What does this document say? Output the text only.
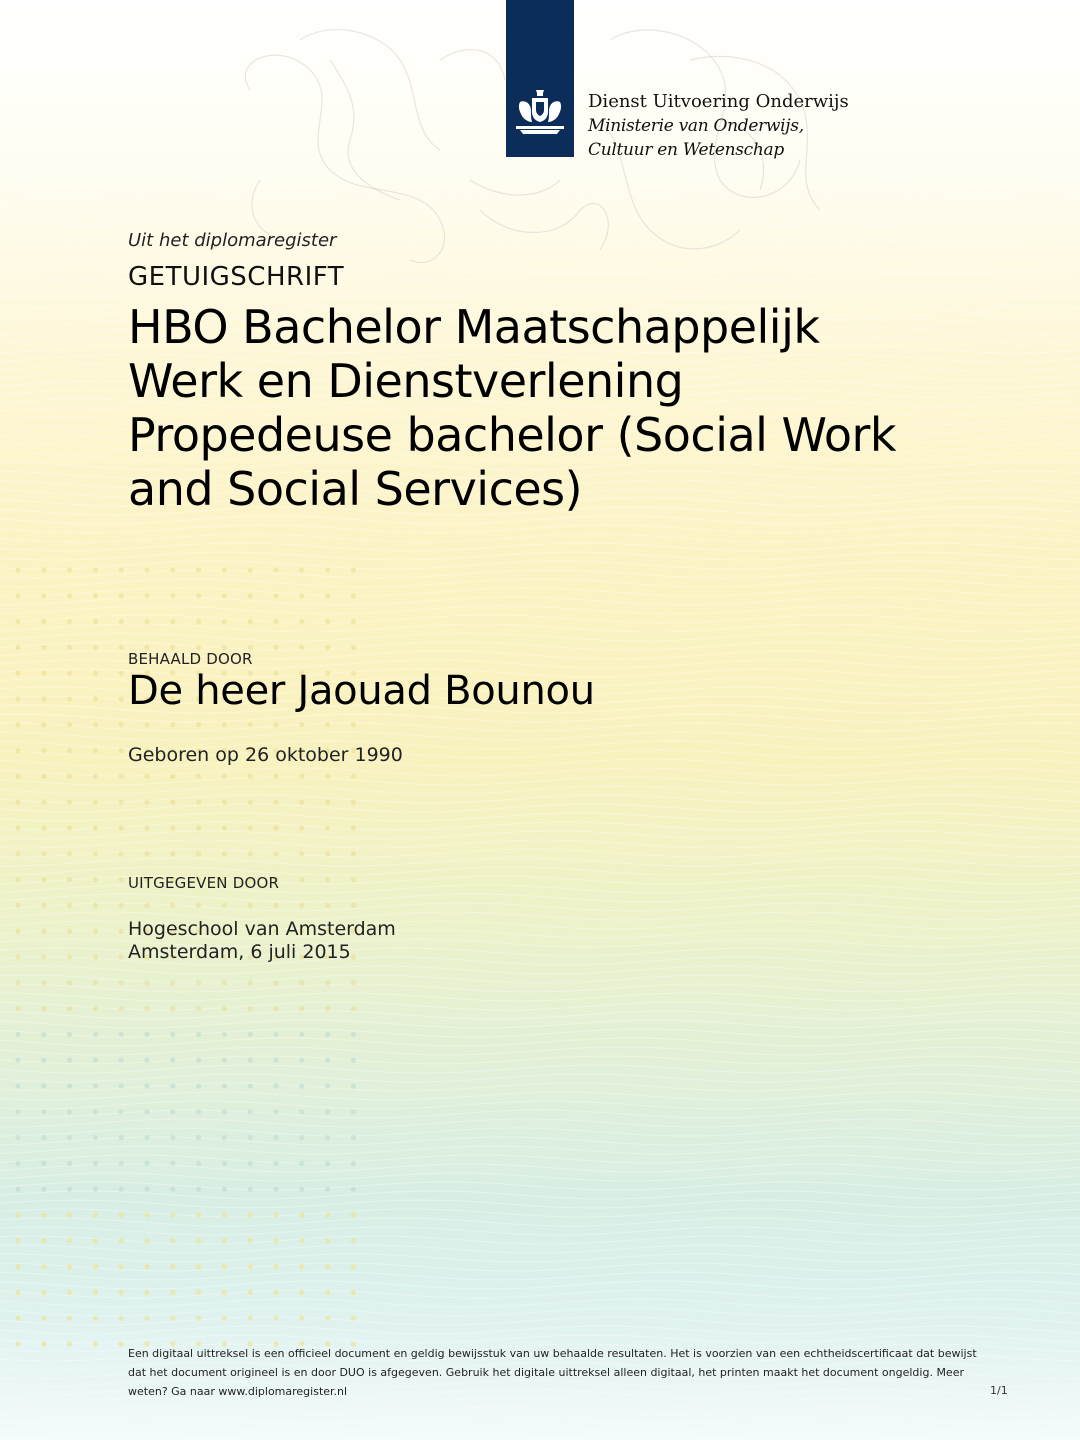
Dienst Uitvoering Onderwijs
Ministerie van Onderwijs, Cultuur en Wetenschap
Uit het diplomaregister
GETUIGSCHRIFT
HBO Bachelor Maatschappelijk Werk en Dienstverlening Propedeuse bachelor (Social Work and Social Services)
BEHAALD DOOR
De heer Jaouad Bounou
Geboren op 26 oktober 1990
UITGEGEVEN DOOR
Hogeschool van Amsterdam
Amsterdam, 6 juli 2015
Een digitaal uittreksel is een officieel document en geldig bewijsstuk van uw behaalde resultaten. Het is voorzien van een echtheidscertificaat dat bewijst dat het document origineel is en door DUO is afgegeven. Gebruik het digitale uittreksel alleen digitaal, het printen maakt het document ongeldig. Meer weten? Ga naar www.diplomaregister.nl	1/1
